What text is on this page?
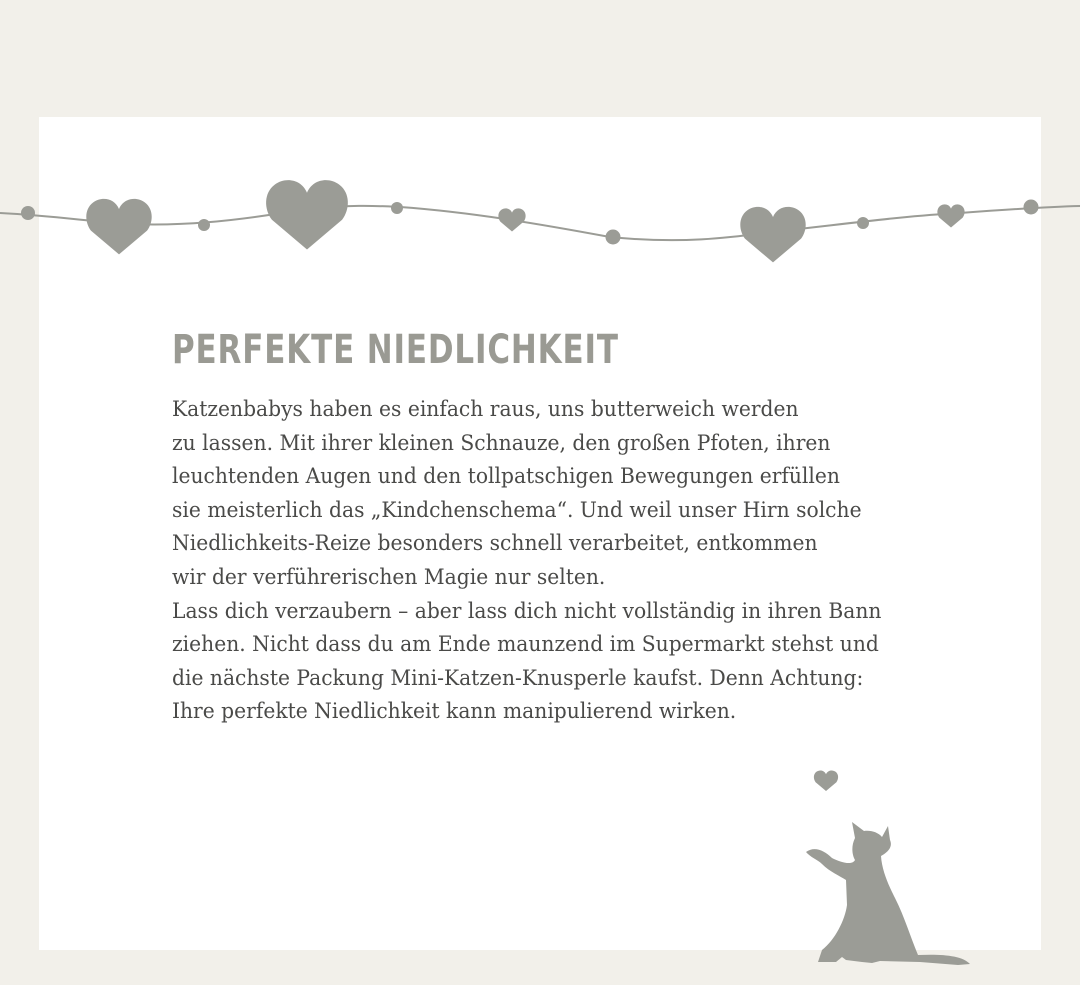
PERFEKTE NIEDLICHKEIT
Katzenbabys haben es einfach raus, uns butterweich werden
zu lassen. Mit ihrer kleinen Schnauze, den großen Pfoten, ihren
leuchtenden Augen und den tollpatschigen Bewegungen erfüllen
sie meisterlich das „Kindchenschema“. Und weil unser Hirn solche
Niedlichkeits-Reize besonders schnell verarbeitet, entkommen
wir der verführerischen Magie nur selten.
Lass dich verzaubern – aber lass dich nicht vollständig in ihren Bann
ziehen. Nicht dass du am Ende maunzend im Supermarkt stehst und
die nächste Packung Mini-Katzen-Knusperle kaufst. Denn Achtung:
Ihre perfekte Niedlichkeit kann manipulierend wirken.
